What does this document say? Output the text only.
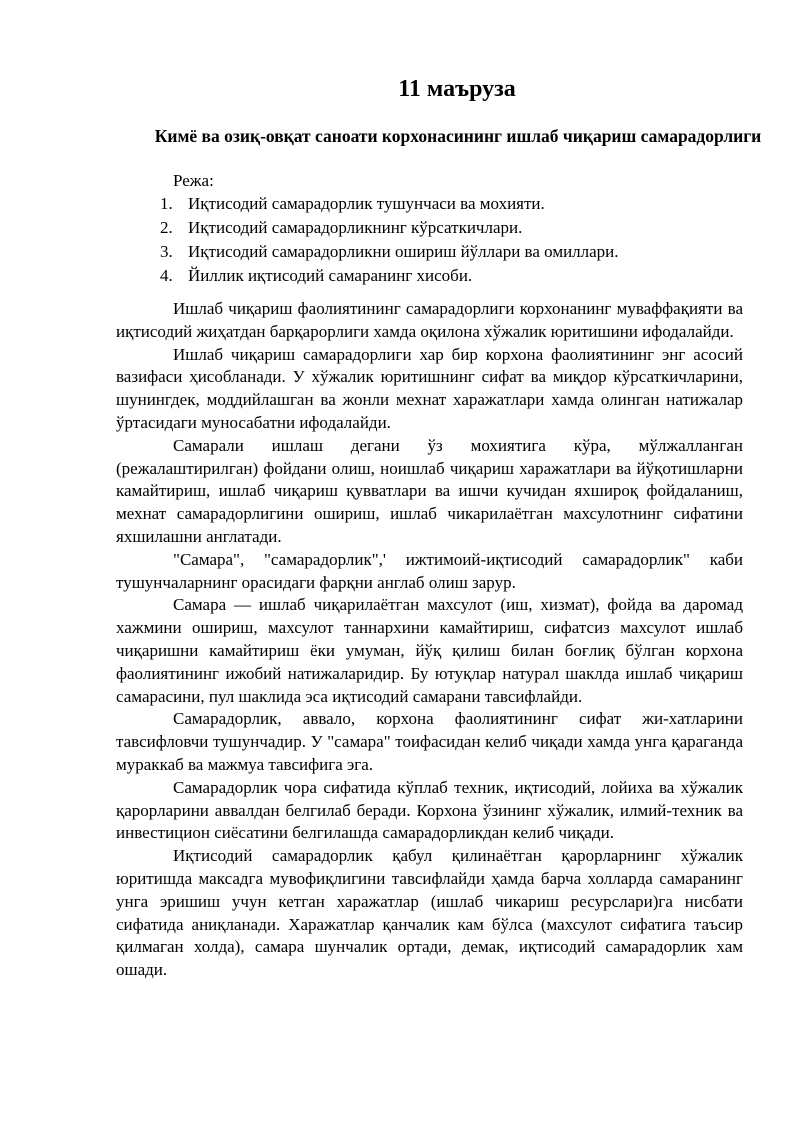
11 маъруза
Кимё ва озиқ-овқат саноати корхонасининг ишлаб чиқариш самарадорлиги
Режа:
1. Иқтисодий самарадорлик тушунчаси ва мохияти.
2. Иқтисодий самарадорликнинг кўрсаткичлари.
3. Иқтисодий самарадорликни ошириш йўллари ва омиллари.
4. Йиллик иқтисодий самаранинг хисоби.

Ишлаб чиқариш фаолиятининг самарадорлиги корхонанинг муваффақияти ва иқтисодий жиҳатдан барқарорлиги хамда оқилона хўжалик юритишини ифодалайди.

Ишлаб чиқариш самарадорлиги хар бир корхона фаолиятининг энг асосий вазифаси ҳисобланади. У хўжалик юритишнинг сифат ва миқдор кўрсаткичларини, шунингдек, моддийлашган ва жонли мехнат харажатлари хамда олинган натижалар ўртасидаги муносабатни ифодалайди.

Самарали ишлаш дегани ўз мохиятига кўра, мўлжалланган (режалаштирилган) фойдани олиш, ноишлаб чиқариш харажатлари ва йўқотишларни камайтириш, ишлаб чиқариш қувватлари ва ишчи кучидан яхшироқ фойдаланиш, мехнат самарадорлигини ошириш, ишлаб чикарилаётган махсулотнинг сифатини яхшилашни англатади.

"Самара", "самарадорлик",' ижтимоий-иқтисодий самарадорлик" каби тушунчаларнинг орасидаги фарқни англаб олиш зарур.

Самара — ишлаб чиқарилаётган махсулот (иш, хизмат), фойда ва даромад хажмини ошириш, махсулот таннархини камайтириш, сифатсиз махсулот ишлаб чиқаришни камайтириш ёки умуман, йўқ қилиш билан боғлиқ бўлган корхона фаолиятининг ижобий натижаларидир. Бу ютуқлар натурал шаклда ишлаб чиқариш самарасини, пул шаклида эса иқтисодий самарани тавсифлайди.

Самарадорлик, аввало, корхона фаолиятининг сифат жи-хатларини тавсифловчи тушунчадир. У "самара" тоифасидан келиб чиқади хамда унга қараганда мураккаб ва мажмуа тавсифига эга.

Самарадорлик чора сифатида кўплаб техник, иқтисодий, лойиха ва хўжалик қарорларини аввалдан белгилаб беради. Корхона ўзининг хўжалик, илмий-техник ва инвестицион сиёсатини белгилашда самарадорликдан келиб чиқади.

Иқтисодий самарадорлик қабул қилинаётган қарорларнинг хўжалик юритишда максадга мувофиқлигини тавсифлайди ҳамда барча холларда самаранинг унга эришиш учун кетган харажатлар (ишлаб чикариш ресурслари)га нисбати сифатида аниқланади. Харажатлар қанчалик кам бўлса (махсулот сифатига таъсир қилмаган холда), самара шунчалик ортади, демак, иқтисодий самарадорлик хам ошади.
